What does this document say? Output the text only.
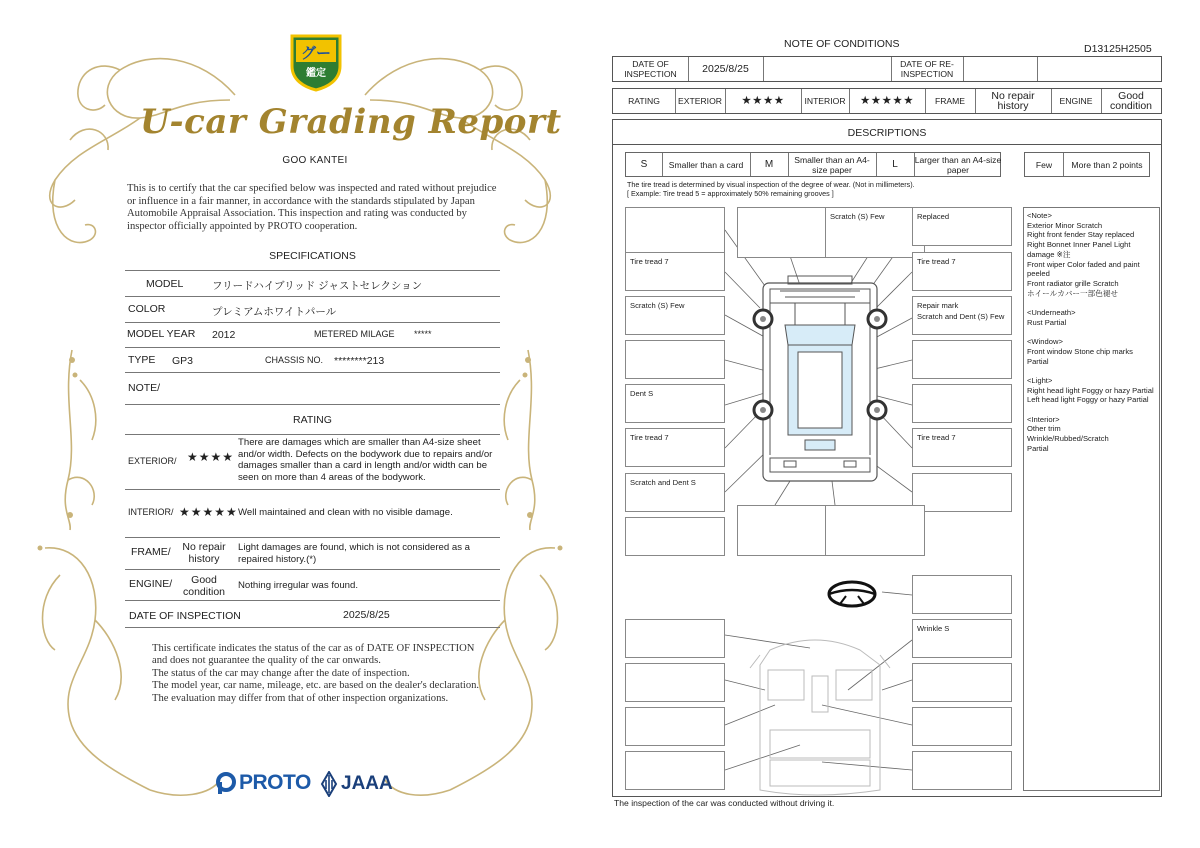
グー
鑑定
U-car Grading Report
GOO KANTEI
This is to certify that the car specified below was inspected and rated without prejudice or influence in a fair manner, in accordance with the standards stipulated by Japan Automobile Appraisal Association. This inspection and rating was conducted by inspector officially appointed by PROTO cooperation.
SPECIFICATIONS
MODEL	フリードハイブリッド ジャストセレクション
COLOR	プレミアムホワイトパール
MODEL YEAR 2012	METERED MILAGE *****
TYPE GP3	CHASSIS NO. ********213
NOTE/
RATING
EXTERIOR/ ★★★★
There are damages which are smaller than A4-size sheet and/or width. Defects on the bodywork due to repairs and/or damages smaller than a card in length and/or width can be seen on more than 4 areas of the bodywork.
INTERIOR/ ★★★★★ Well maintained and clean with no visible damage.
FRAME/	No repair history
Light damages are found, which is not considered as a repaired history.(*)
ENGINE/	Good condition
Nothing irregular was found.
DATE OF INSPECTION	2025/8/25
This certificate indicates the status of the car as of DATE OF INSPECTION and does not guarantee the quality of the car onwards.
The status of the car may change after the date of inspection.
The model year, car name, mileage, etc. are based on the dealer's declaration.
The evaluation may differ from that of other inspection organizations.
PROTO JAAA
NOTE OF CONDITIONS	D13125H2505
DATE OF INSPECTION	2025/8/25	DATE OF RE-INSPECTION
RATING	EXTERIOR	★★★★	INTERIOR	★★★★★	FRAME	No repair history	ENGINE	Good condition
DESCRIPTIONS
S	Smaller than a card	M	Smaller than an A4-size paper	L	Larger than an A4-size paper	Few	More than 2 points
The tire tread is determined by visual inspection of the degree of wear. (Not in millimeters).
[ Example: Tire tread 5 = approximately 50% remaining grooves ]
Scratch (S) Few	Replaced
Tire tread 7
Scratch (S) Few
Dent S
Tire tread 7
Scratch and Dent S
Tire tread 7
Repair mark
Scratch and Dent (S) Few
Tire tread 7
Wrinkle S
<Note>
Exterior Minor Scratch
Right front fender Stay replaced
Right Bonnet Inner Panel Light damage ※注
Front wiper Color faded and paint peeled
Front radiator grille Scratch
ホイールカバー一部色褪せ
<Underneath>
Rust Partial
<Window>
Front window Stone chip marks Partial
<Light>
Right head light Foggy or hazy Partial
Left head light Foggy or hazy Partial
<Interior>
Other trim
Wrinkle/Rubbed/Scratch
Partial
The inspection of the car was conducted without driving it.
